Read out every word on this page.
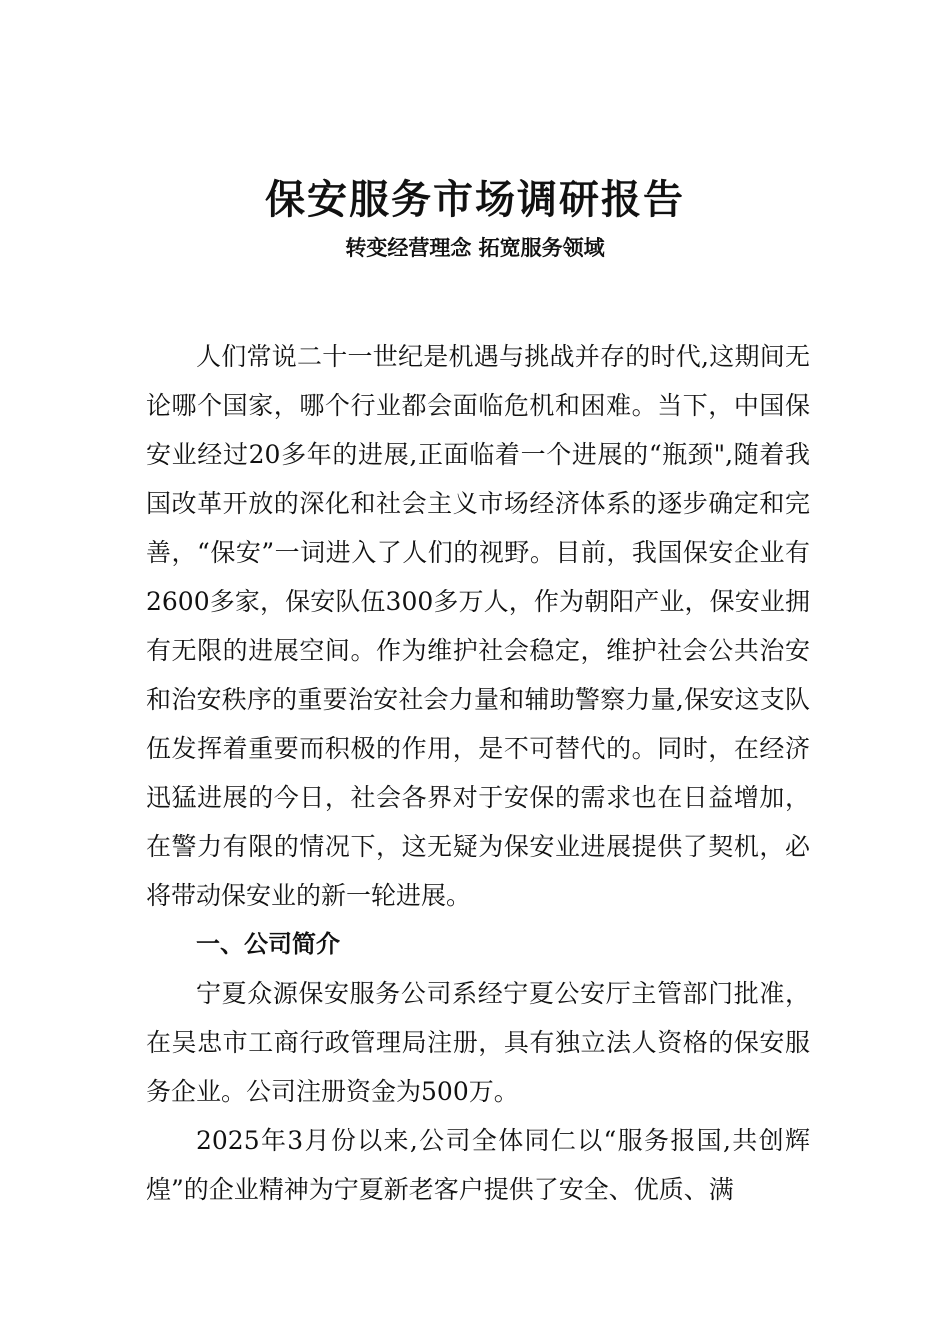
保安服务市场调研报告
转变经营理念 拓宽服务领域

人们常说二十一世纪是机遇与挑战并存的时代,这期间无论哪个国家，哪个行业都会面临危机和困难。当下，中国保安业经过20多年的进展,正面临着一个进展的“瓶颈",随着我国改革开放的深化和社会主义市场经济体系的逐步确定和完善，“保安”一词进入了人们的视野。目前，我国保安企业有2600多家，保安队伍300多万人，作为朝阳产业，保安业拥有无限的进展空间。作为维护社会稳定，维护社会公共治安和治安秩序的重要治安社会力量和辅助警察力量,保安这支队伍发挥着重要而积极的作用，是不可替代的。同时，在经济迅猛进展的今日，社会各界对于安保的需求也在日益增加，在警力有限的情况下，这无疑为保安业进展提供了契机，必将带动保安业的新一轮进展。

一、公司简介

宁夏众源保安服务公司系经宁夏公安厅主管部门批准，在吴忠市工商行政管理局注册，具有独立法人资格的保安服务企业。公司注册资金为500万。

2025年3月份以来,公司全体同仁以“服务报国,共创辉煌”的企业精神为宁夏新老客户提供了安全、优质、满
